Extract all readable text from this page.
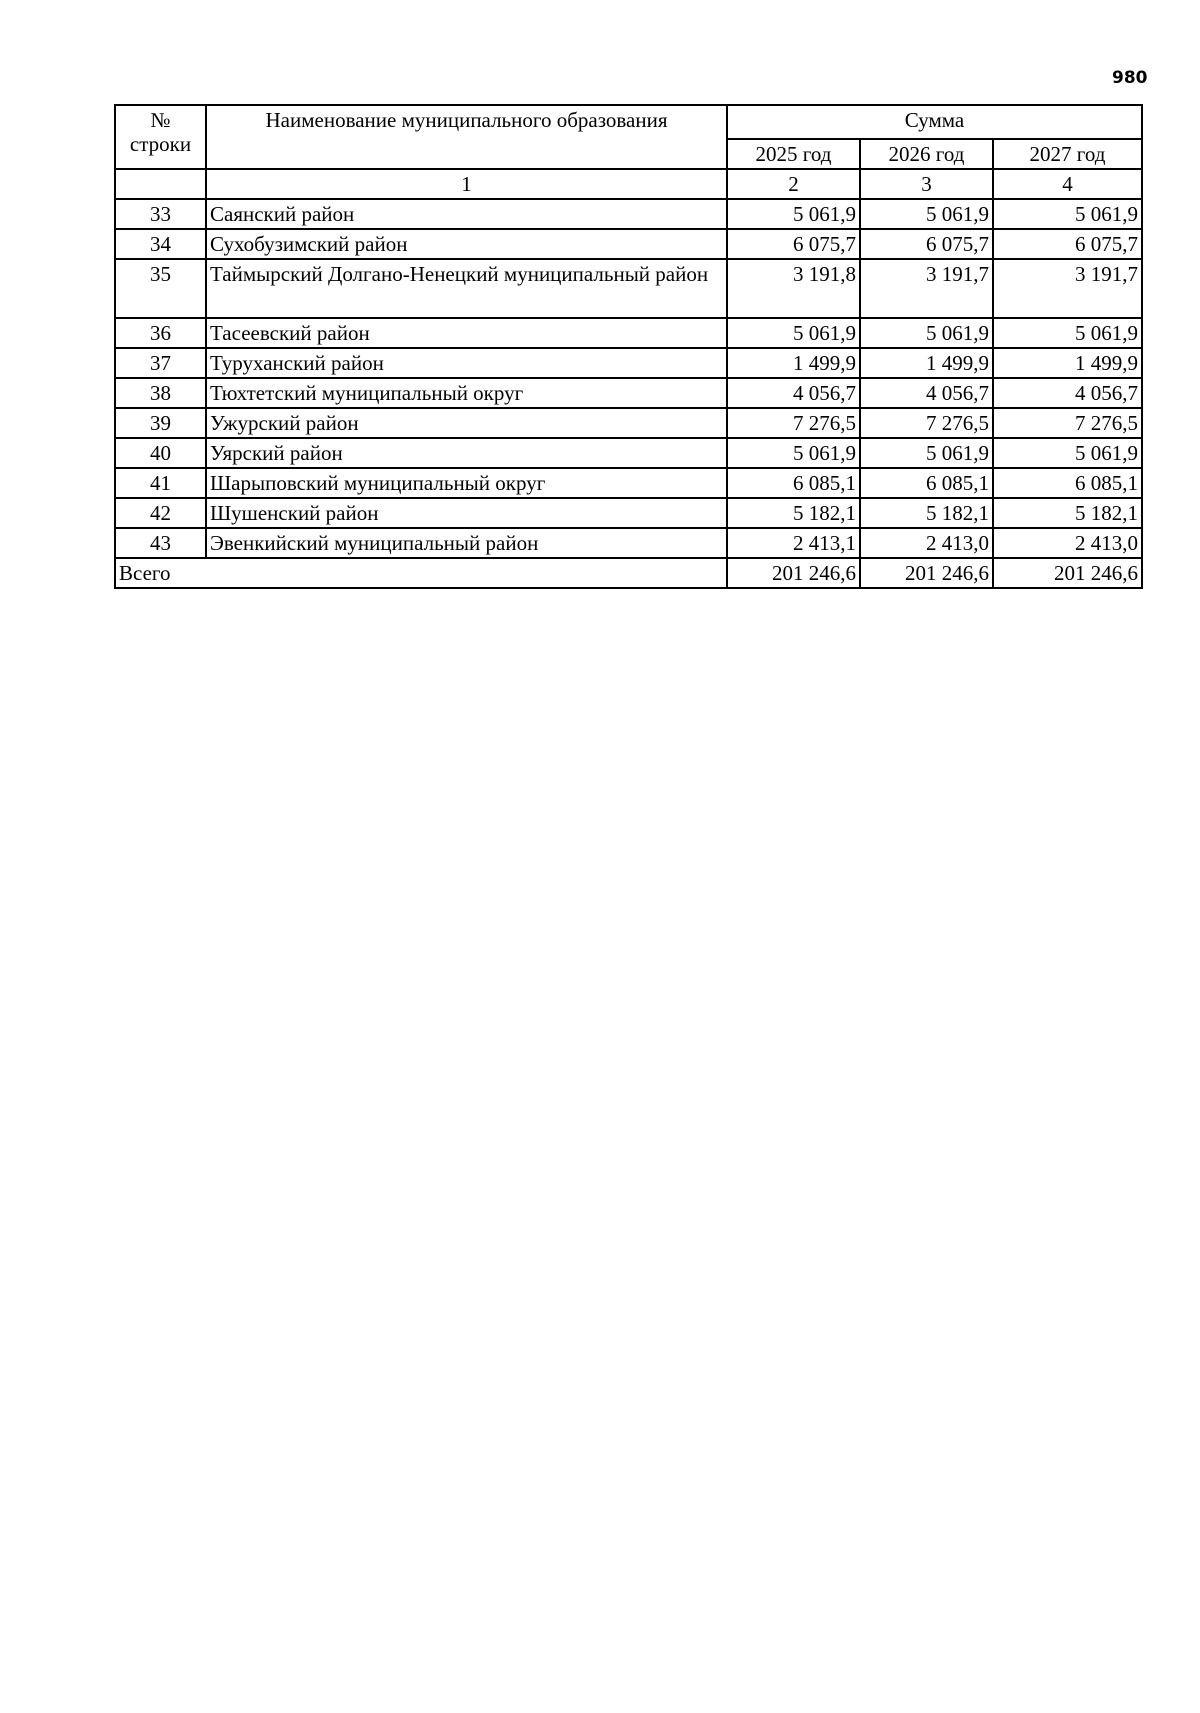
980
№
строки	Наименование муниципального образования	Сумма		
		2025 год	2026 год	2027 год
	1	2	3	4
33	Саянский район	5 061,9	5 061,9	5 061,9
34	Сухобузимский район	6 075,7	6 075,7	6 075,7
35	Таймырский Долгано-Ненецкий муниципальный район	3 191,8	3 191,7	3 191,7
36	Тасеевский район	5 061,9	5 061,9	5 061,9
37	Туруханский район	1 499,9	1 499,9	1 499,9
38	Тюхтетский муниципальный округ	4 056,7	4 056,7	4 056,7
39	Ужурский район	7 276,5	7 276,5	7 276,5
40	Уярский район	5 061,9	5 061,9	5 061,9
41	Шарыповский муниципальный округ	6 085,1	6 085,1	6 085,1
42	Шушенский район	5 182,1	5 182,1	5 182,1
43	Эвенкийский муниципальный район	2 413,1	2 413,0	2 413,0
Всего		201 246,6	201 246,6	201 246,6
